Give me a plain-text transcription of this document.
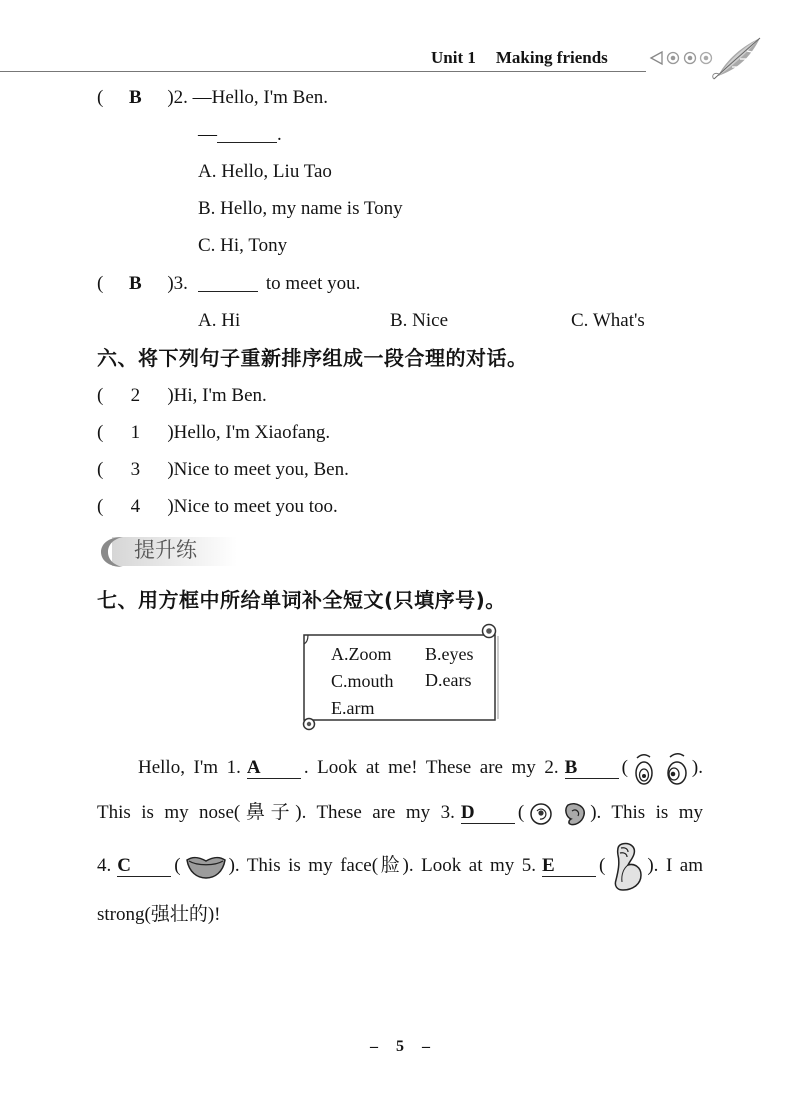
Unit 1 Making friends
( B )2. —Hello, I'm Ben.
—	.
A. Hello, Liu Tao
B. Hello, my name is Tony
C. Hi, Tony
( B )3.	to meet you.
A. Hi	B. Nice	C. What's
六、将下列句子重新排序组成一段合理的对话。
( 2 )Hi, I'm Ben.
( 1 )Hello, I'm Xiaofang.
( 3 )Nice to meet you, Ben.
( 4 )Nice to meet you too.
提升练
七、用方框中所给单词补全短文(只填序号)。
A.Zoom B.eyes
C.mouth D.ears
E.arm
Hello, I'm 1. A . Look at me! These are my 2. B (	).
This is my nose(鼻子). These are my 3. D (	). This is my
4. C (	). This is my face(脸). Look at my 5. E ( ). I am
strong(强壮的)!
– 5 –
